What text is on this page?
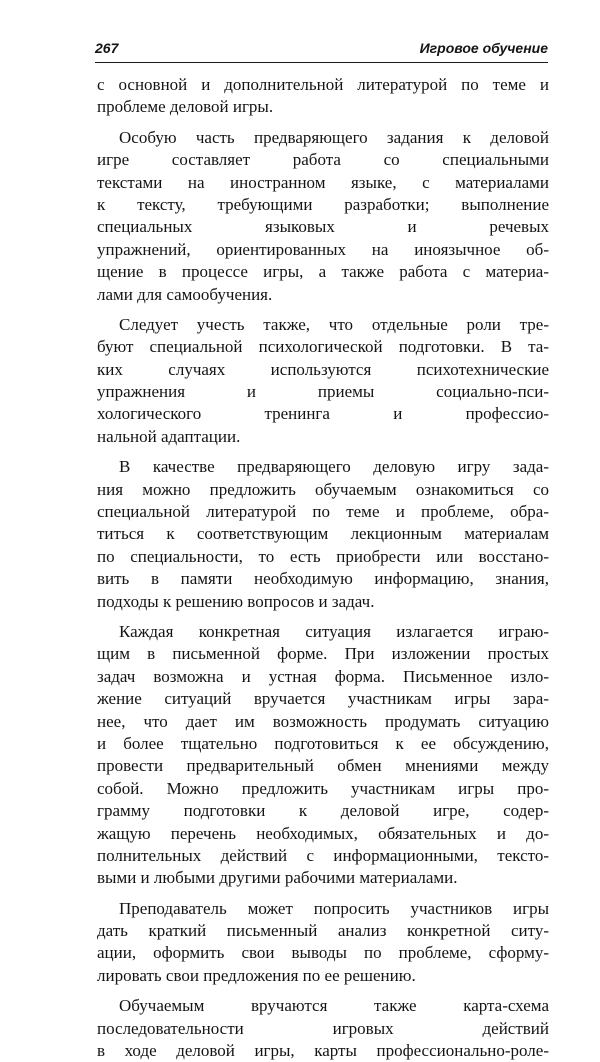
267	Игровое обучение
с основной и дополнительной литературой по теме и
проблеме деловой игры.
Особую часть предваряющего задания к деловой
игре составляет работа со специальными
текстами на иностранном языке, с материалами
к тексту, требующими разработки; выполнение
специальных языковых и речевых
упражнений, ориентированных на иноязычное об-
щение в процессе игры, а также работа с материа-
лами для самообучения.
Следует учесть также, что отдельные роли тре-
буют специальной психологической подготовки. В та-
ких случаях используются психотехнические
упражнения и приемы социально-пси-
хологического тренинга и профессио-
нальной адаптации.
В качестве предваряющего деловую игру зада-
ния можно предложить обучаемым ознакомиться со
специальной литературой по теме и проблеме, обра-
титься к соответствующим лекционным материалам
по специальности, то есть приобрести или восстано-
вить в памяти необходимую информацию, знания,
подходы к решению вопросов и задач.
Каждая конкретная ситуация излагается играю-
щим в письменной форме. При изложении простых
задач возможна и устная форма. Письменное изло-
жение ситуаций вручается участникам игры зара-
нее, что дает им возможность продумать ситуацию
и более тщательно подготовиться к ее обсуждению,
провести предварительный обмен мнениями между
собой. Можно предложить участникам игры про-
грамму подготовки к деловой игре, содер-
жащую перечень необходимых, обязательных и до-
полнительных действий с информационными, тексто-
выми и любыми другими рабочими материалами.
Преподаватель может попросить участников игры
дать краткий письменный анализ конкретной ситу-
ации, оформить свои выводы по проблеме, сформу-
лировать свои предложения по ее решению.
Обучаемым вручаются также карта-схема
последовательности игровых действий
в ходе деловой игры, карты профессионально-роле-
